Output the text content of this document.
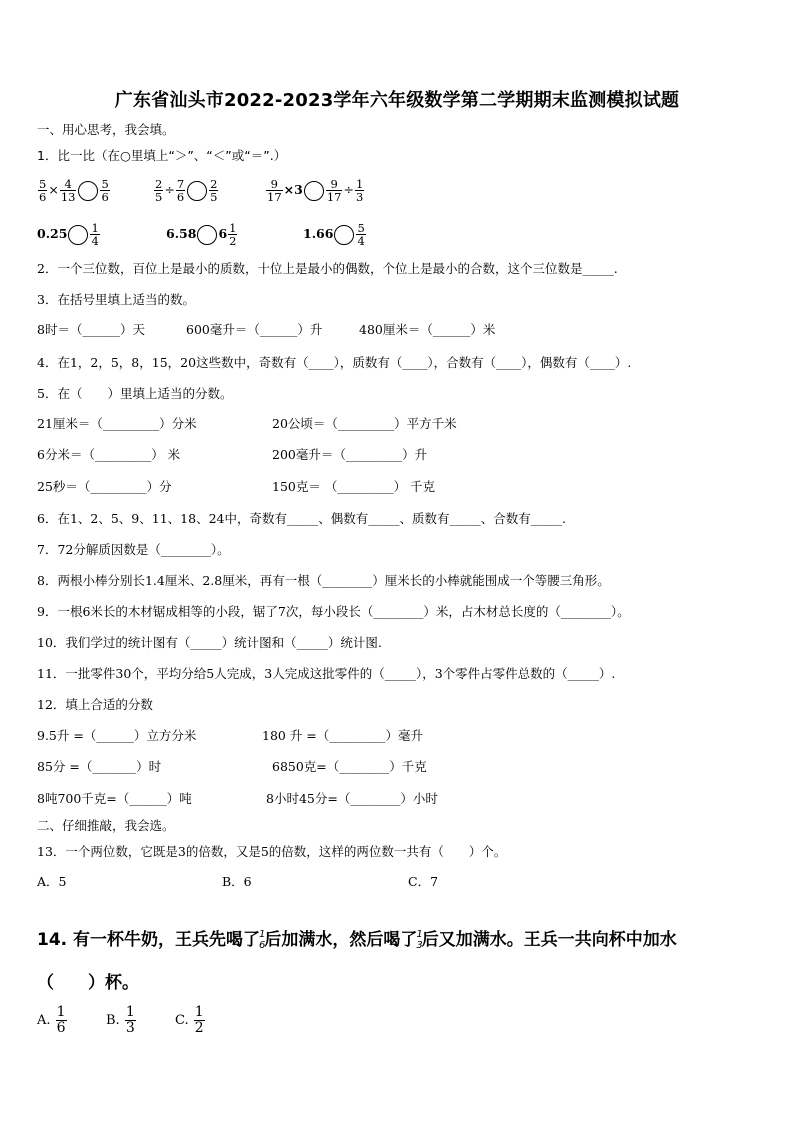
广东省汕头市2022-2023学年六年级数学第二学期期末监测模拟试题
一、用心思考，我会填。
1．比一比（在○里填上“＞”、“＜”或“＝”.）
$\frac{5}{6} \times \frac{4}{13} \frac{5}{6}$	$\frac{2}{5} \div \frac{7}{6} \frac{2}{5}$	$\frac{9}{17} \times 3 \frac{9}{17} \div \frac{1}{3}$
$0.25 \frac{1}{4}$	6.58 $6 \frac{1}{2}$	$1.66 \frac{5}{4}$
2．一个三位数，百位上是最小的质数，十位上是最小的偶数，个位上是最小的合数，这个三位数是_____.
3．在括号里填上适当的数。
8时＝（______）天	600毫升＝（______）升	480厘米＝（______）米
4．在1，2，5，8，15，20这些数中，奇数有（____），质数有（____），合数有（____），偶数有（____）.
5．在（　　）里填上适当的分数。
21厘米＝（_________）分米	20公顷＝（_________）平方千米
6分米＝（_________） 米	200毫升＝（_________）升
25秒＝（_________）分	150克＝ （_________） 千克
6．在1、2、5、9、11、18、24中，奇数有_____、偶数有_____、质数有_____、合数有_____.
7．72分解质因数是（________）。
8．两根小棒分别长1.4厘米、2.8厘米，再有一根（________）厘米长的小棒就能围成一个等腰三角形。
9．一根6米长的木材锯成相等的小段，锯了7次，每小段长（________）米，占木材总长度的（________）。
10．我们学过的统计图有（_____）统计图和（_____）统计图.
11．一批零件30个，平均分给5人完成，3人完成这批零件的（_____），3个零件占零件总数的（_____）.
12．填上合适的分数
9.5升 =（______）立方分米	180 升 =（_________）毫升
85分 =（_______）时	6850克=（________）千克
8吨700千克=（______）吨	8小时45分=（________）小时
二、仔细推敲，我会选。
13．一个两位数，它既是3的倍数，又是5的倍数，这样的两位数一共有（　　）个。
A．5	B．6	C．7
14. 有一杯牛奶，王兵先喝了 1
6 后加满水，然后喝了 1
3 后又加满水。王兵一共向杯中加水
（　　）杯。
A. $\frac{1}{6}$	B. $\frac{1}{3}$	C. $\frac{1}{2}$
